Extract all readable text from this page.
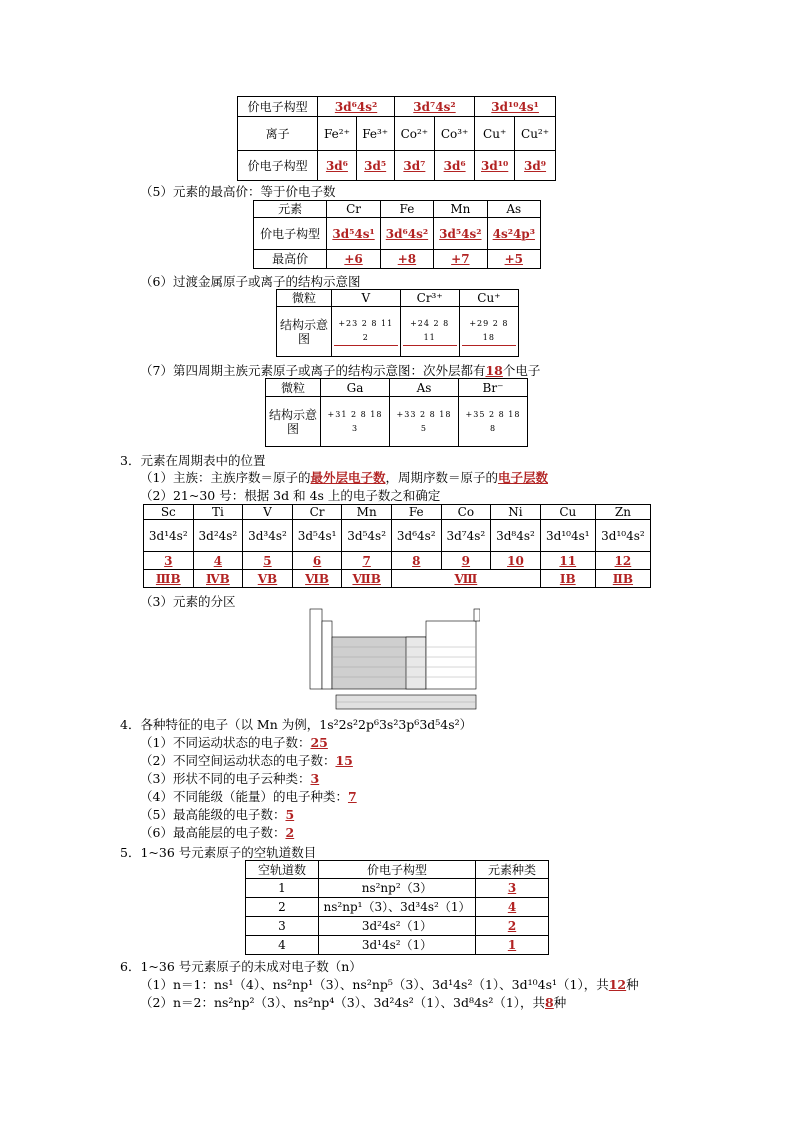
价电子构型	3d⁶4s²		3d⁷4s²		3d¹⁰4s¹	
离子	Fe²⁺	Fe³⁺	Co²⁺	Co³⁺	Cu⁺	Cu²⁺
价电子构型	3d⁶	3d⁵	3d⁷	3d⁶	3d¹⁰	3d⁹
（5）元素的最高价：等于价电子数
元素	Cr	Fe	Mn	As
价电子构型	3d⁵4s¹	3d⁶4s²	3d⁵4s²	4s²4p³
最高价	+6	+8	+7	+5
（6）过渡金属原子或离子的结构示意图
微粒	V	Cr³⁺	Cu⁺
结构示意图	+23 2 8 11 2	+24 2 8 11	+29 2 8 18
（7）第四周期主族元素原子或离子的结构示意图：次外层都有18个电子
微粒	Ga	As	Br⁻
结构示意图	+31 2 8 18 3	+33 2 8 18 5	+35 2 8 18 8
3．元素在周期表中的位置
（1）主族：主族序数＝原子的最外层电子数，周期序数＝原子的电子层数
（2）21~30 号：根据 3d 和 4s 上的电子数之和确定
Sc	Ti	V	Cr	Mn	Fe	Co	Ni	Cu	Zn
3d¹4s²	3d²4s²	3d³4s²	3d⁵4s¹	3d⁵4s²	3d⁶4s²	3d⁷4s²	3d⁸4s²	3d¹⁰4s¹	3d¹⁰4s²
3	4	5	6	7	8	9	10	11	12
ⅢB	ⅣB	ⅤB	ⅥB	ⅦB	Ⅷ			ⅠB	ⅡB
（3）元素的分区
4．各种特征的电子（以 Mn 为例，1s²2s²2p⁶3s²3p⁶3d⁵4s²）
（1）不同运动状态的电子数：25
（2）不同空间运动状态的电子数：15
（3）形状不同的电子云种类：3
（4）不同能级（能量）的电子种类：7
（5）最高能级的电子数：5
（6）最高能层的电子数：2
5．1~36 号元素原子的空轨道数目
空轨道数	价电子构型	元素种类
1	ns²np²（3）	3
2	ns²np¹（3）、3d³4s²（1）	4
3	3d²4s²（1）	2
4	3d¹4s²（1）	1
6．1~36 号元素原子的未成对电子数（n）
（1）n＝1：ns¹（4）、ns²np¹（3）、ns²np⁵（3）、3d¹4s²（1）、3d¹⁰4s¹（1），共12种
（2）n＝2：ns²np²（3）、ns²np⁴（3）、3d²4s²（1）、3d⁸4s²（1），共8种
